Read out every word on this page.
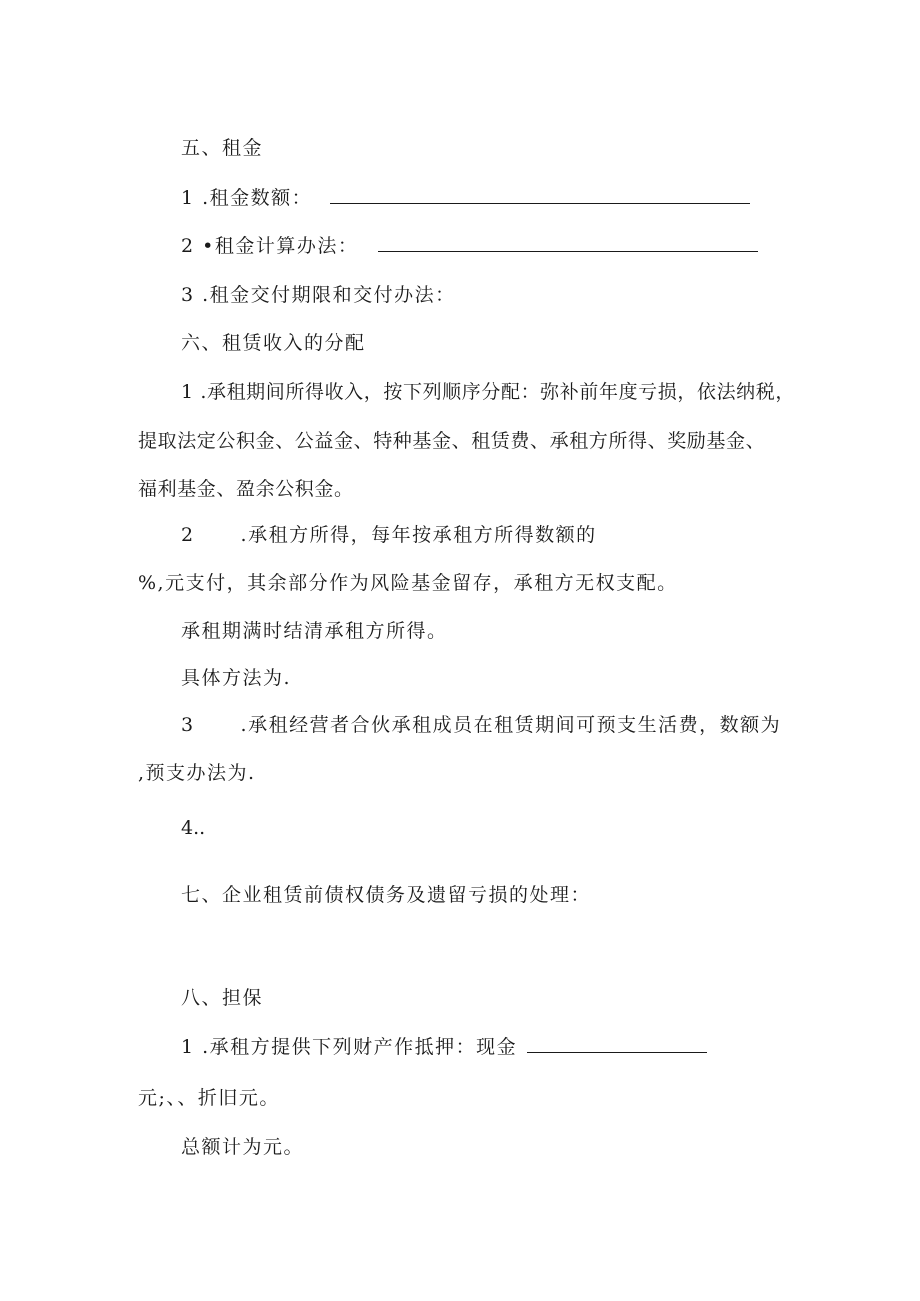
五、租金
1 .租金数额：
2 •租金计算办法：
3 .租金交付期限和交付办法：
六、租赁收入的分配
1 .承租期间所得收入，按下列顺序分配：弥补前年度亏损，依法纳税，
提取法定公积金、公益金、特种基金、租赁费、承租方所得、奖励基金、
福利基金、盈余公积金。
2 .承租方所得，每年按承租方所得数额的
%,元支付，其余部分作为风险基金留存，承租方无权支配。
承租期满时结清承租方所得。
具体方法为.
3 .承租经营者合伙承租成员在租赁期间可预支生活费，数额为
,预支办法为.
4..
七、企业租赁前债权债务及遗留亏损的处理：
八、担保
1 .承租方提供下列财产作抵押：现金
元;、、折旧元。
总额计为元。
